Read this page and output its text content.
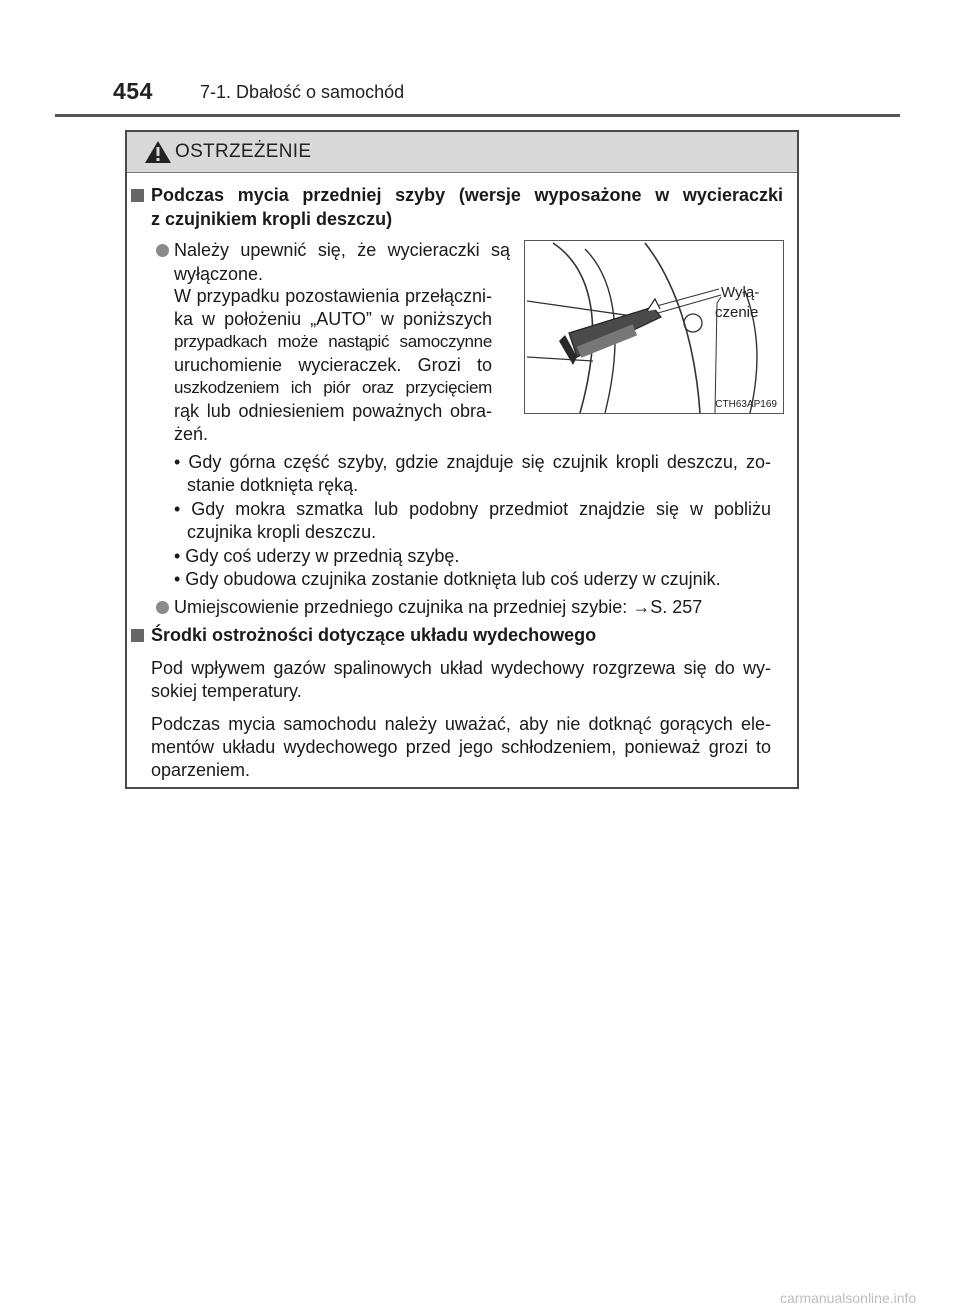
454	7-1. Dbałość o samochód
OSTRZEŻENIE
Podczas mycia przedniej szyby (wersje wyposażone w wycieraczki
z czujnikiem kropli deszczu)
Należy upewnić się, że wycieraczki są
wyłączone.
W przypadku pozostawienia przełączni-
ka w położeniu „AUTO” w poniższych
przypadkach może nastąpić samoczynne
uruchomienie wycieraczek. Grozi to
uszkodzeniem ich piór oraz przycięciem
rąk lub odniesieniem poważnych obra-
żeń.
Wyłą-
czenie
CTH63AP169
• Gdy górna część szyby, gdzie znajduje się czujnik kropli deszczu, zo-
stanie dotknięta ręką.
• Gdy mokra szmatka lub podobny przedmiot znajdzie się w pobliżu
czujnika kropli deszczu.
• Gdy coś uderzy w przednią szybę.
• Gdy obudowa czujnika zostanie dotknięta lub coś uderzy w czujnik.
Umiejscowienie przedniego czujnika na przedniej szybie: →S. 257
Środki ostrożności dotyczące układu wydechowego
Pod wpływem gazów spalinowych układ wydechowy rozgrzewa się do wy-
sokiej temperatury.
Podczas mycia samochodu należy uważać, aby nie dotknąć gorących ele-
mentów układu wydechowego przed jego schłodzeniem, ponieważ grozi to
oparzeniem.
carmanualsonline.info
